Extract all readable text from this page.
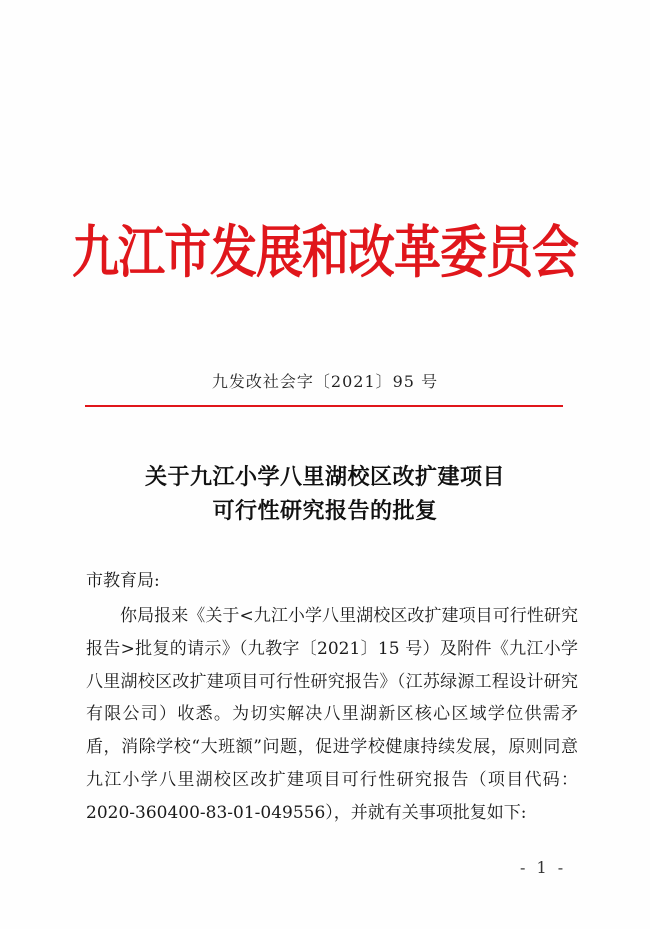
九江市发展和改革委员会
九发改社会字〔2021〕95 号
关于九江小学八里湖校区改扩建项目
可行性研究报告的批复
市教育局:
你局报来《关于<九江小学八里湖校区改扩建项目可行性研究报告>批复的请示》（九教字〔2021〕15 号）及附件《九江小学八里湖校区改扩建项目可行性研究报告》（江苏绿源工程设计研究有限公司）收悉。为切实解决八里湖新区核心区域学位供需矛盾，消除学校“大班额”问题，促进学校健康持续发展，原则同意九江小学八里湖校区改扩建项目可行性研究报告（项目代码：2020-360400-83-01-049556），并就有关事项批复如下:
- 1 -
